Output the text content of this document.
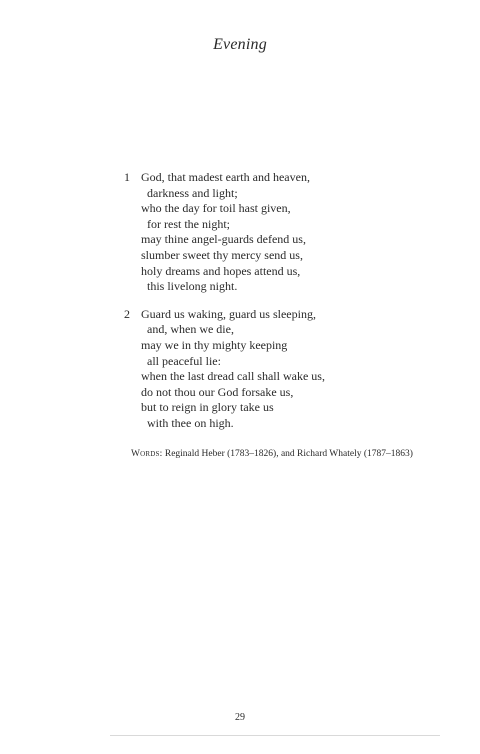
Evening
1 God, that madest earth and heaven,
darkness and light;
who the day for toil hast given,
for rest the night;
may thine angel-guards defend us,
slumber sweet thy mercy send us,
holy dreams and hopes attend us,
this livelong night.
2 Guard us waking, guard us sleeping,
and, when we die,
may we in thy mighty keeping
all peaceful lie:
when the last dread call shall wake us,
do not thou our God forsake us,
but to reign in glory take us
with thee on high.
Words: Reginald Heber (1783–1826), and Richard Whately (1787–1863)
29
